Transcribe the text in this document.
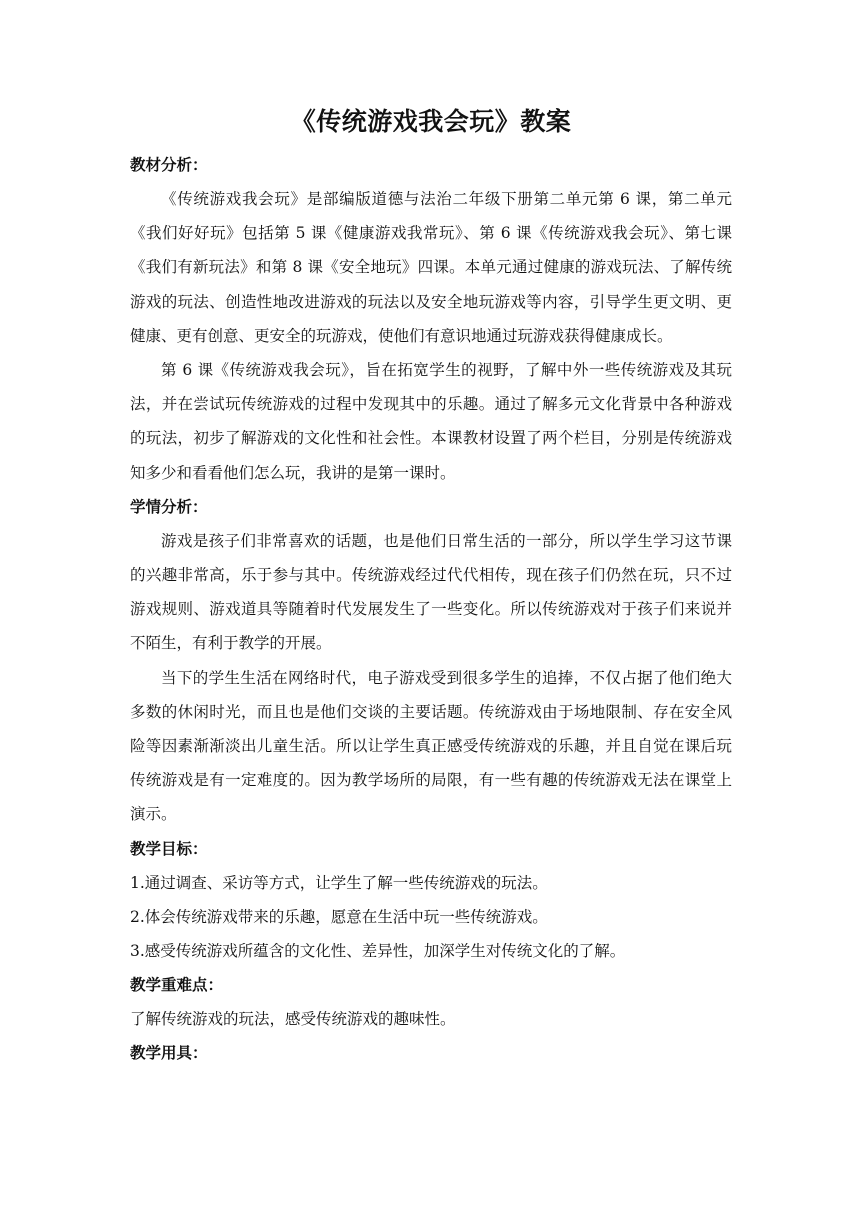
《传统游戏我会玩》教案

教材分析：

《传统游戏我会玩》是部编版道德与法治二年级下册第二单元第 6 课，第二单元《我们好好玩》包括第 5 课《健康游戏我常玩》、第 6 课《传统游戏我会玩》、第七课《我们有新玩法》和第 8 课《安全地玩》四课。本单元通过健康的游戏玩法、了解传统游戏的玩法、创造性地改进游戏的玩法以及安全地玩游戏等内容，引导学生更文明、更健康、更有创意、更安全的玩游戏，使他们有意识地通过玩游戏获得健康成长。

第 6 课《传统游戏我会玩》，旨在拓宽学生的视野，了解中外一些传统游戏及其玩法，并在尝试玩传统游戏的过程中发现其中的乐趣。通过了解多元文化背景中各种游戏的玩法，初步了解游戏的文化性和社会性。本课教材设置了两个栏目，分别是传统游戏知多少和看看他们怎么玩，我讲的是第一课时。

学情分析：

游戏是孩子们非常喜欢的话题，也是他们日常生活的一部分，所以学生学习这节课的兴趣非常高，乐于参与其中。传统游戏经过代代相传，现在孩子们仍然在玩，只不过游戏规则、游戏道具等随着时代发展发生了一些变化。所以传统游戏对于孩子们来说并不陌生，有利于教学的开展。

当下的学生生活在网络时代，电子游戏受到很多学生的追捧，不仅占据了他们绝大多数的休闲时光，而且也是他们交谈的主要话题。传统游戏由于场地限制、存在安全风险等因素渐渐淡出儿童生活。所以让学生真正感受传统游戏的乐趣，并且自觉在课后玩传统游戏是有一定难度的。因为教学场所的局限，有一些有趣的传统游戏无法在课堂上演示。

教学目标：

1.通过调查、采访等方式，让学生了解一些传统游戏的玩法。

2.体会传统游戏带来的乐趣，愿意在生活中玩一些传统游戏。

3.感受传统游戏所蕴含的文化性、差异性，加深学生对传统文化的了解。

教学重难点：

了解传统游戏的玩法，感受传统游戏的趣味性。

教学用具：
